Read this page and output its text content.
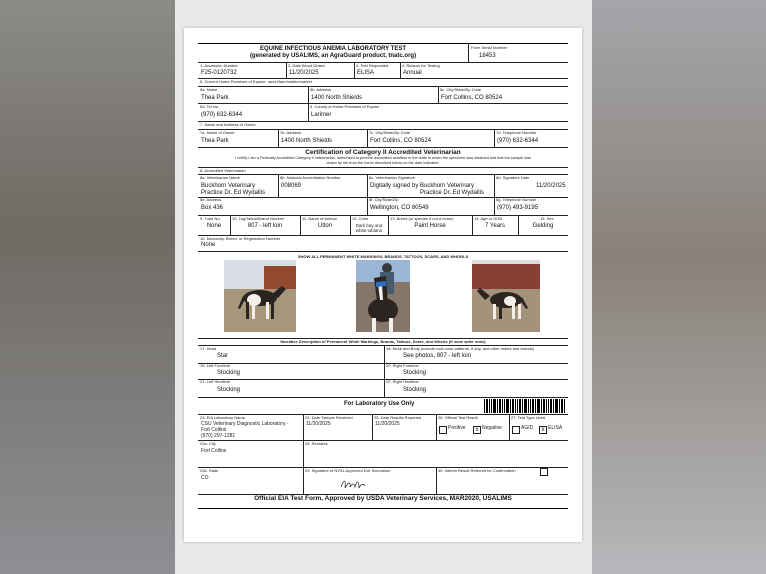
EQUINE INFECTIOUS ANEMIA LABORATORY TEST
(generated by USALIMS, an AgraGuard product, tnatc.org)
Form Serial Number
18453
1. Accession Number
F25-0120732
2. Date Blood Drawn
11/20/2025
3. Test Requested
ELISA
4. Reason for Testing
Annual
5. Current Home Premises of Equine: ranch/farm/stable/market
5a. Name
Thea Park
5b. Address
1400 North Shields
5c. City/State/Zip Code
Fort Collins, CO 80524
5d. Tel No.
(970) 632-6344
6. County of Home Premises of Equine
Larimer
7. Name and Address of Owner
7a. Name of Owner
Thea Park
7b. Address
1400 North Shields
7c. City/State/Zip Code
Fort Collins, CO 80524
7d. Telephone Number
(970) 632-6344
Certification of Category II Accredited Veterinarian
I certify I am a Federally Accredited Category II veterinarian, authorized to perform accredited activities in the state in which the specimen was obtained and that the sample was
drawn by me from the horse described below on the date indicated.
8. Accredited Veterinarian
8a. Veterinarian Name
Buckhorn Veterinary
Practice Dr. Ed Wydallis
8b. National Accreditation Number
008069
8c. Veterinarian Signature
Digitally signed by Buckhorn Veterinary
Practice Dr. Ed Wydallis
8d. Signature Date
11/20/2025
8e. Address
Box 436
8f. City/State/Zip
Wellington, CO 80549
8g. Telephone Number
(970) 493-9195
9. Tube No.
None
10. Tag/Tattoo/Brand Number
807 - left loin
11. Name of Animal
Ulton
12. Color
Dark bay and
white tobiano
13. Breed (or species if not a horse)
Paint Horse
14. Age or DOB
7 Years
15. Sex
Gelding
16. Microchip, Breed, or Registration Number
None
SHOW ALL PERMANENT WHITE MARKINGS, BRANDS, TATTOOS, SCARS, AND WHORLS
Narrative Description of Permanent White Markings, Brands, Tattoos, Scars, and Whorls (if none write none)
17. Head
Star
18. Neck and Body (include coat color patterns, if any, and other marks and brands)
See photos, 807 - left loin
19. Left Forelimb
Stocking
20. Right Forelimb
Stocking
21. Left Hindlimb
Stocking
22. Right Hindlimb
Stocking
For Laboratory Use Only
23. EIA Laboratory Name
CSU Veterinary Diagnostic Laboratory -
Fort Collins
(970) 297-1281
24. Date Sample Received
11/20/2025
25. Date Results Reported
11/20/2025
26. Official Test Result
Positive	x Negative
27. Test Type Used
AGID	x ELISA
23a. City
Fort Collins
28. Remarks
23b. State
CO
29. Signature of NVSL Approved EIA Technician	30. Interim Result Referred for Confirmation
Official EIA Test Form, Approved by USDA Veterinary Services, MAR2020, USALIMS
